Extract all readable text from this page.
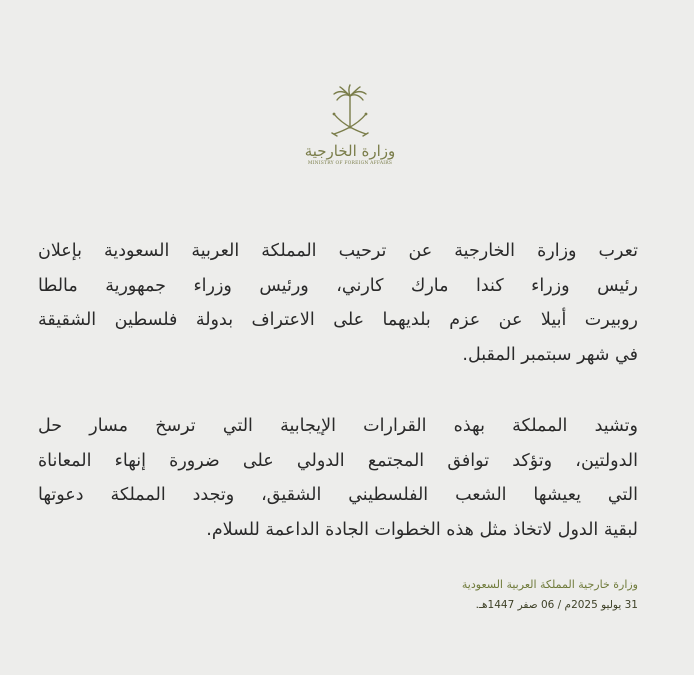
وزارة الخارجية
MINISTRY OF FOREIGN AFFAIRS

تعرب وزارة الخارجية عن ترحيب المملكة العربية السعودية بإعلان
رئيس وزراء كندا مارك كارني، ورئيس وزراء جمهورية مالطا
روبيرت أبيلا عن عزم بلديهما على الاعتراف بدولة فلسطين الشقيقة
في شهر سبتمبر المقبل.

وتشيد المملكة بهذه القرارات الإيجابية التي ترسخ مسار حل
الدولتين، وتؤكد توافق المجتمع الدولي على ضرورة إنهاء المعاناة
التي يعيشها الشعب الفلسطيني الشقيق، وتجدد المملكة دعوتها
لبقية الدول لاتخاذ مثل هذه الخطوات الجادة الداعمة للسلام.

وزارة خارجية المملكة العربية السعودية
31 يوليو 2025م / 06 صفر 1447هـ.
